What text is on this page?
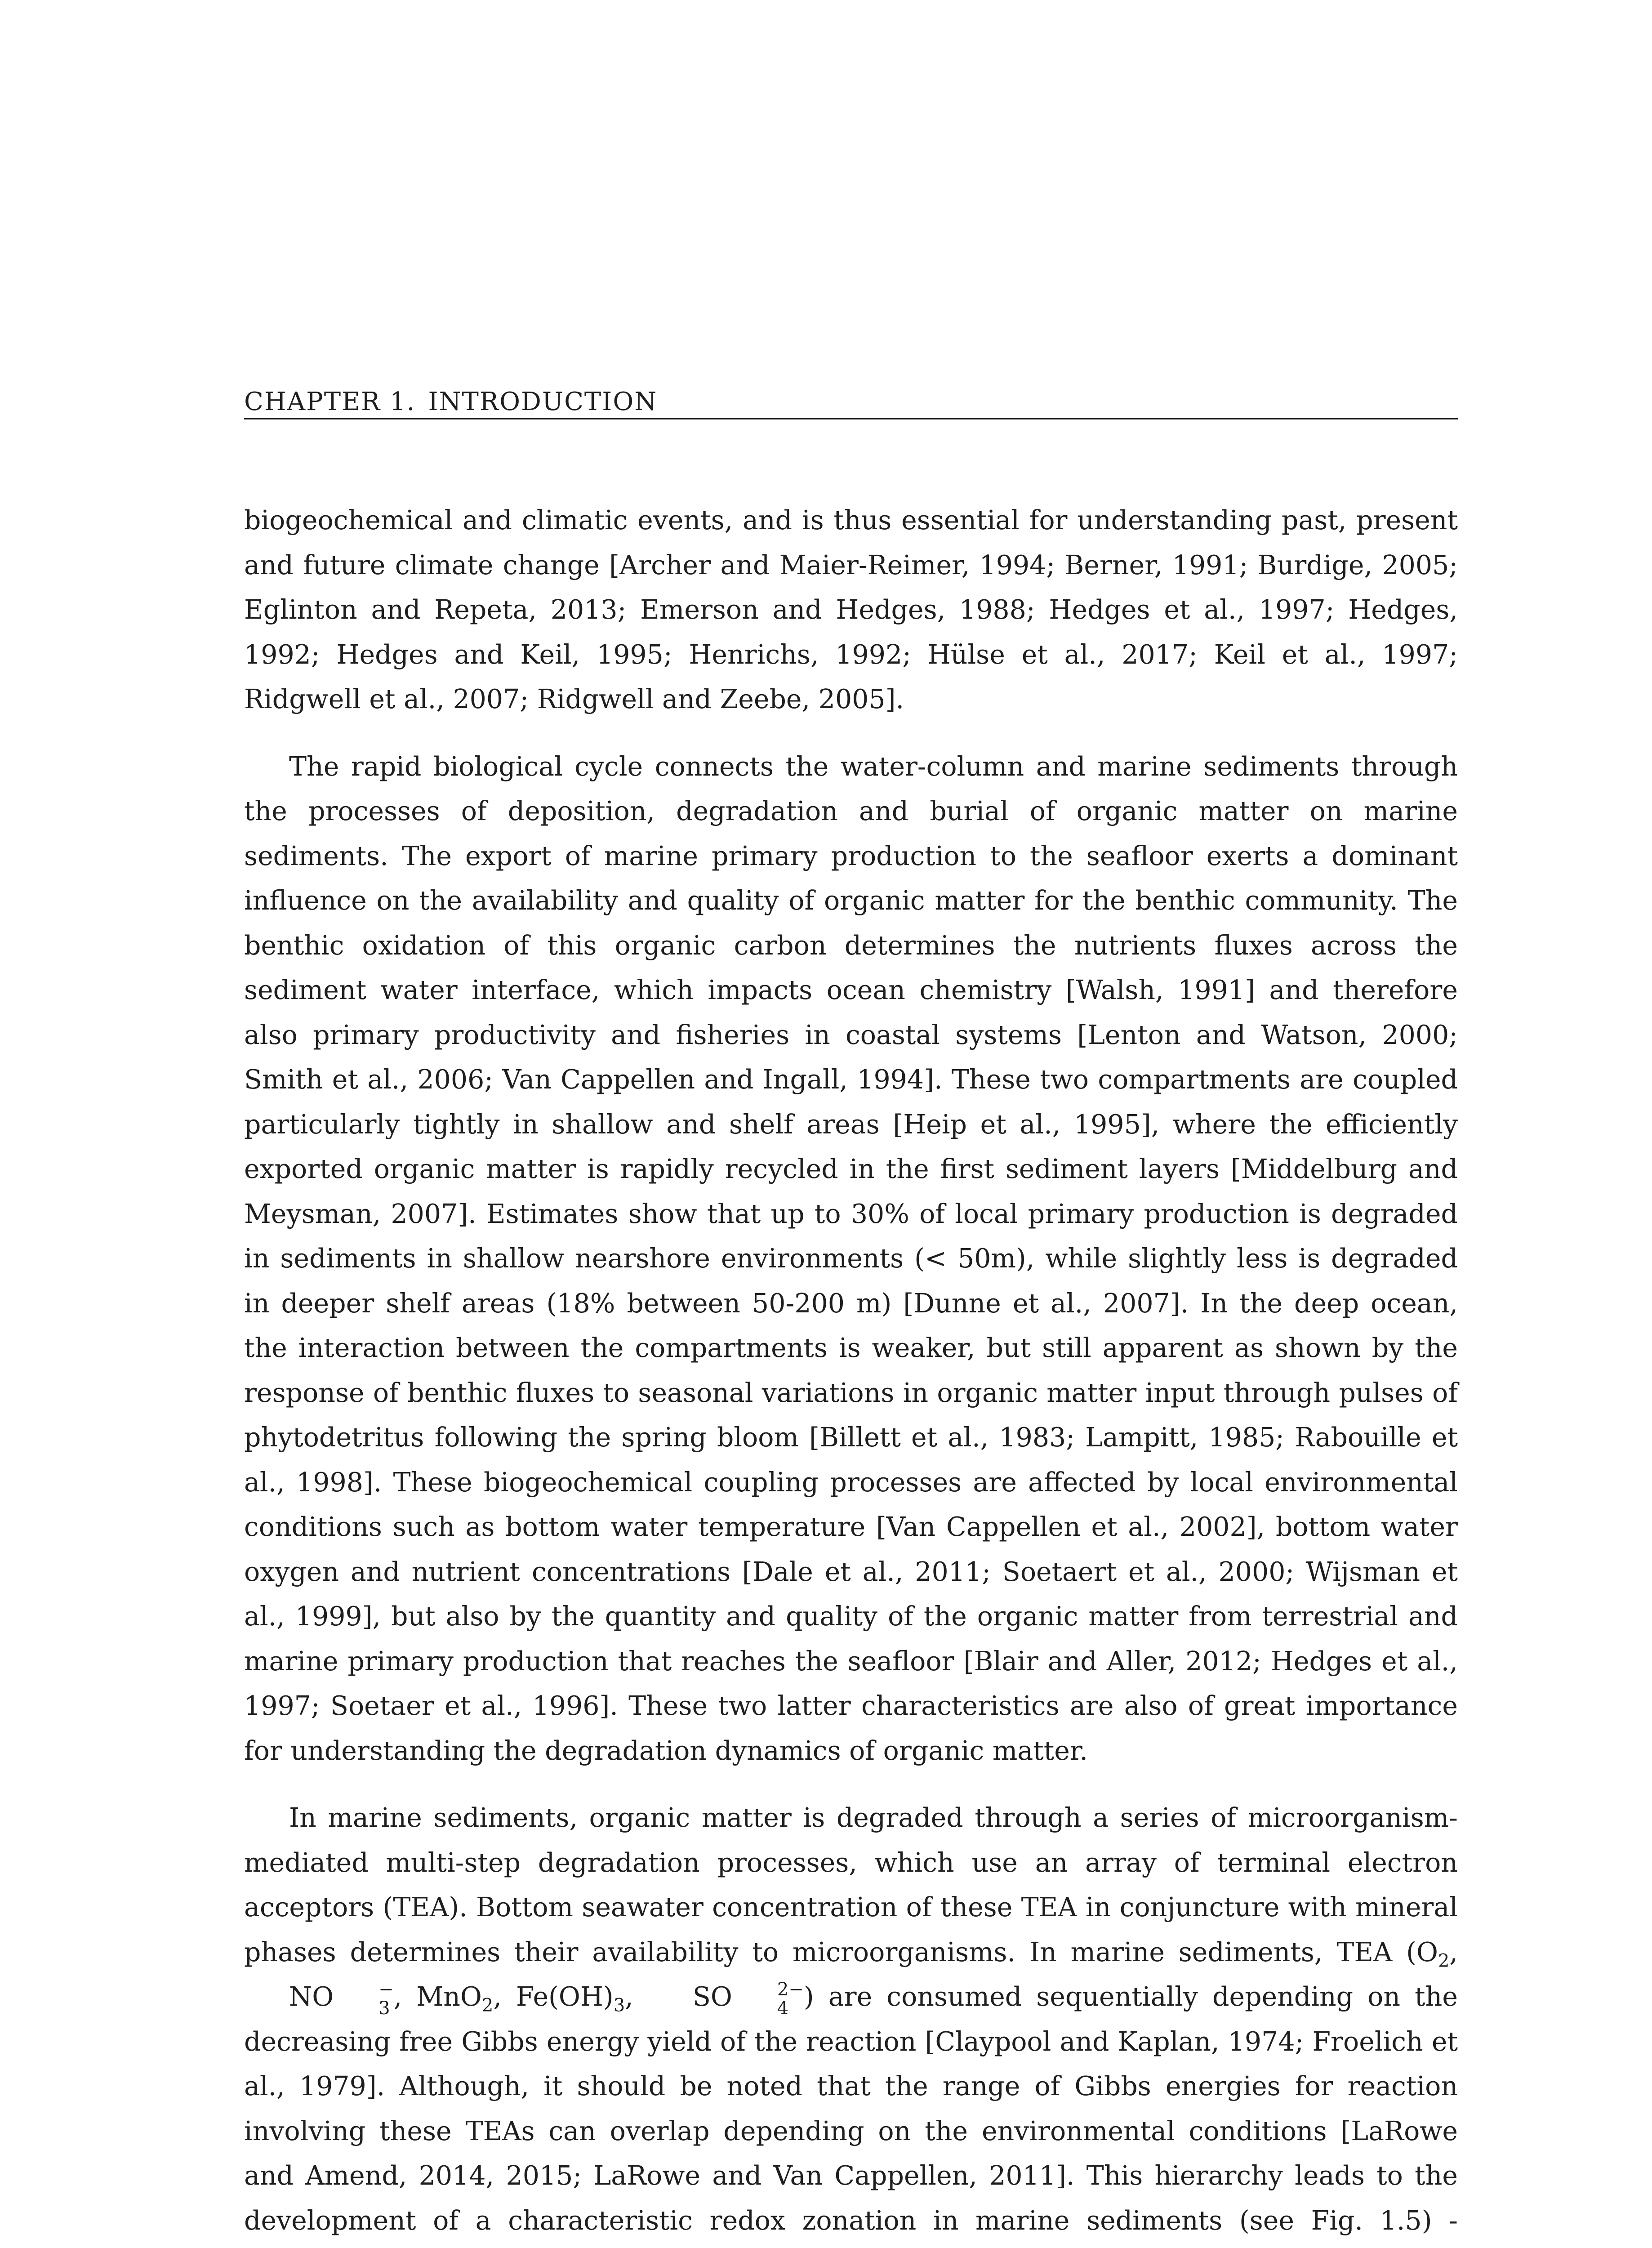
CHAPTER 1. INTRODUCTION

biogeochemical and climatic events, and is thus essential for understanding past, present and future climate change [Archer and Maier-Reimer, 1994; Berner, 1991; Burdige, 2005; Eglinton and Repeta, 2013; Emerson and Hedges, 1988; Hedges et al., 1997; Hedges, 1992; Hedges and Keil, 1995; Henrichs, 1992; Hülse et al., 2017; Keil et al., 1997; Ridgwell et al., 2007; Ridgwell and Zeebe, 2005].

The rapid biological cycle connects the water-column and marine sediments through the processes of deposition, degradation and burial of organic matter on marine sediments. The export of marine primary production to the seafloor exerts a dominant influence on the availability and quality of organic matter for the benthic community. The benthic oxidation of this organic carbon determines the nutrients fluxes across the sediment water interface, which impacts ocean chemistry [Walsh, 1991] and therefore also primary productivity and fisheries in coastal systems [Lenton and Watson, 2000; Smith et al., 2006; Van Cappellen and Ingall, 1994]. These two compartments are coupled particularly tightly in shallow and shelf areas [Heip et al., 1995], where the efficiently exported organic matter is rapidly recycled in the first sediment layers [Middelburg and Meysman, 2007]. Estimates show that up to 30% of local primary production is degraded in sediments in shallow nearshore environments (< 50m), while slightly less is degraded in deeper shelf areas (18% between 50-200 m) [Dunne et al., 2007]. In the deep ocean, the interaction between the compartments is weaker, but still apparent as shown by the response of benthic fluxes to seasonal variations in organic matter input through pulses of phytodetritus following the spring bloom [Billett et al., 1983; Lampitt, 1985; Rabouille et al., 1998]. These biogeochemical coupling processes are affected by local environmental conditions such as bottom water temperature [Van Cappellen et al., 2002], bottom water oxygen and nutrient concentrations [Dale et al., 2011; Soetaert et al., 2000; Wijsman et al., 1999], but also by the quantity and quality of the organic matter from terrestrial and marine primary production that reaches the seafloor [Blair and Aller, 2012; Hedges et al., 1997; Soetaer et al., 1996]. These two latter characteristics are also of great importance for understanding the degradation dynamics of organic matter.

In marine sediments, organic matter is degraded through a series of microorganism-mediated multi-step degradation processes, which use an array of terminal electron acceptors (TEA). Bottom seawater concentration of these TEA in conjuncture with mineral phases determines their availability to microorganisms. In marine sediments, TEA ($O_2$, NO	−
3 , MnO$_2$, $Fe(OH)_3$, SO	2−
4 ) are consumed sequentially depending on the decreasing free Gibbs energy yield of the reaction [Claypool and Kaplan, 1974; Froelich et al., 1979]. Although, it should be noted that the range of Gibbs energies for reaction involving these TEAs can overlap depending on the environmental conditions [LaRowe and Amend, 2014, 2015; LaRowe and Van Cappellen, 2011]. This hierarchy leads to the development of a characteristic redox zonation in marine sediments (see Fig. 1.5) -
